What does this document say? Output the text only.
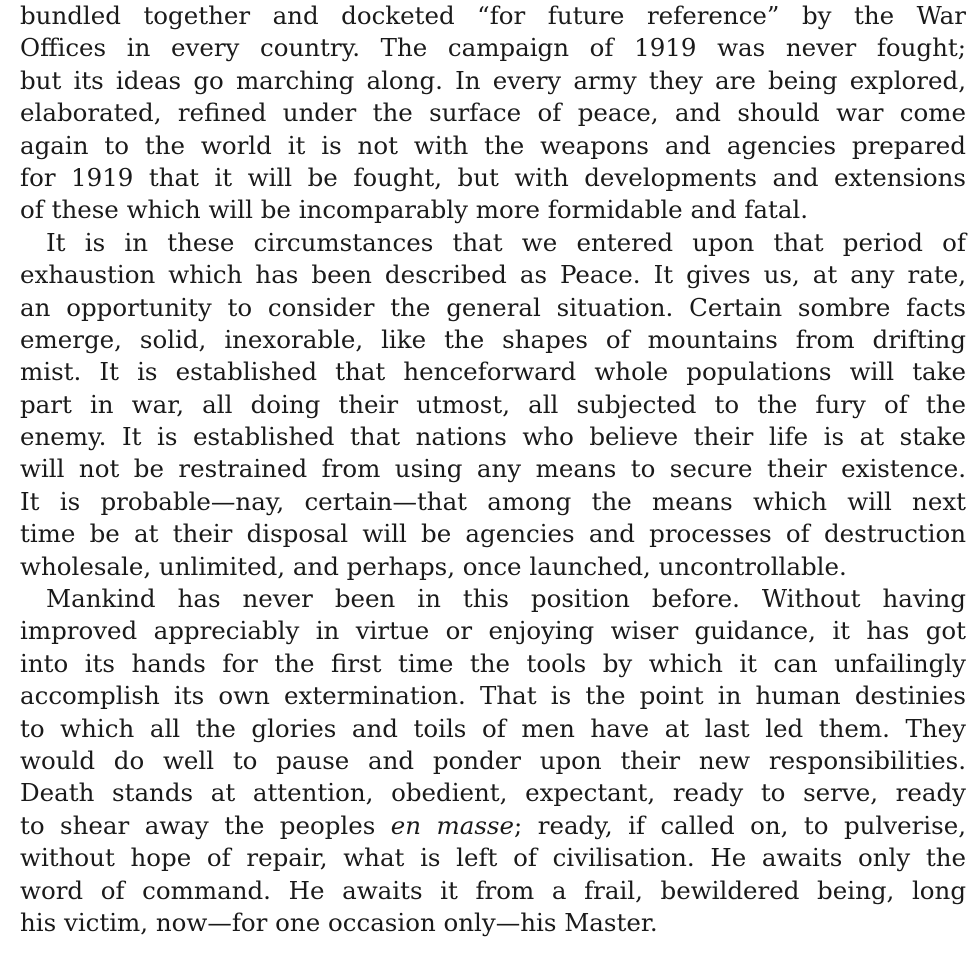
bundled together and docketed “for future reference” by the War
Offices in every country. The campaign of 1919 was never fought;
but its ideas go marching along. In every army they are being explored,
elaborated, refined under the surface of peace, and should war come
again to the world it is not with the weapons and agencies prepared
for 1919 that it will be fought, but with developments and extensions
of these which will be incomparably more formidable and fatal.
It is in these circumstances that we entered upon that period of
exhaustion which has been described as Peace. It gives us, at any rate,
an opportunity to consider the general situation. Certain sombre facts
emerge, solid, inexorable, like the shapes of mountains from drifting
mist. It is established that henceforward whole populations will take
part in war, all doing their utmost, all subjected to the fury of the
enemy. It is established that nations who believe their life is at stake
will not be restrained from using any means to secure their existence.
It is probable—nay, certain—that among the means which will next
time be at their disposal will be agencies and processes of destruction
wholesale, unlimited, and perhaps, once launched, uncontrollable.
Mankind has never been in this position before. Without having
improved appreciably in virtue or enjoying wiser guidance, it has got
into its hands for the first time the tools by which it can unfailingly
accomplish its own extermination. That is the point in human destinies
to which all the glories and toils of men have at last led them. They
would do well to pause and ponder upon their new responsibilities.
Death stands at attention, obedient, expectant, ready to serve, ready
to shear away the peoples en masse; ready, if called on, to pulverise,
without hope of repair, what is left of civilisation. He awaits only the
word of command. He awaits it from a frail, bewildered being, long
his victim, now—for one occasion only—his Master.
